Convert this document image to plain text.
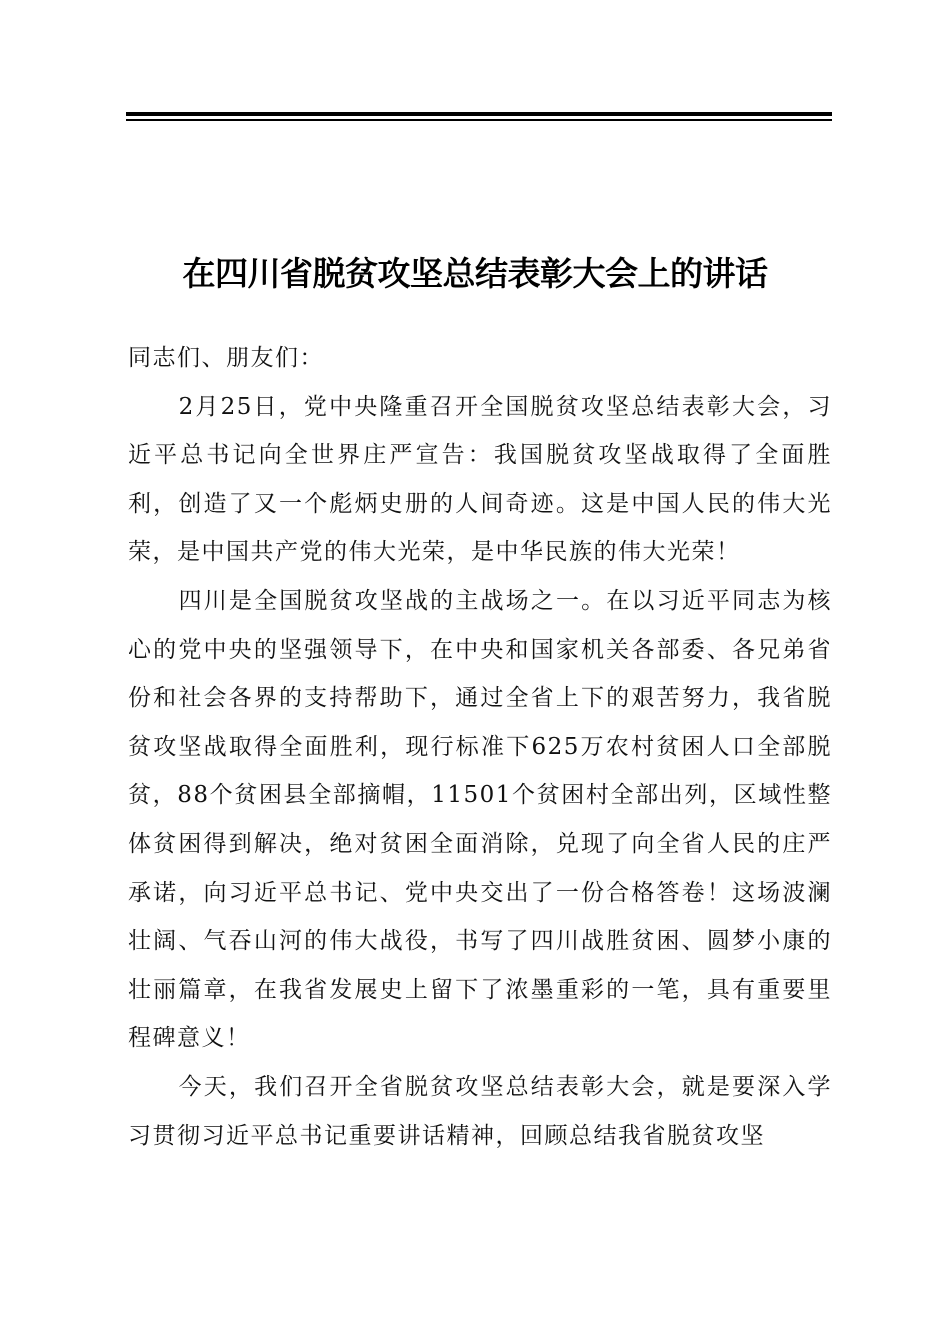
在四川省脱贫攻坚总结表彰大会上的讲话

同志们、朋友们：

2月25日，党中央隆重召开全国脱贫攻坚总结表彰大会，习近平总书记向全世界庄严宣告：我国脱贫攻坚战取得了全面胜利，创造了又一个彪炳史册的人间奇迹。这是中国人民的伟大光荣，是中国共产党的伟大光荣，是中华民族的伟大光荣！

四川是全国脱贫攻坚战的主战场之一。在以习近平同志为核心的党中央的坚强领导下，在中央和国家机关各部委、各兄弟省份和社会各界的支持帮助下，通过全省上下的艰苦努力，我省脱贫攻坚战取得全面胜利，现行标准下625万农村贫困人口全部脱贫，88个贫困县全部摘帽，11501个贫困村全部出列，区域性整体贫困得到解决，绝对贫困全面消除，兑现了向全省人民的庄严承诺，向习近平总书记、党中央交出了一份合格答卷！这场波澜壮阔、气吞山河的伟大战役，书写了四川战胜贫困、圆梦小康的壮丽篇章，在我省发展史上留下了浓墨重彩的一笔，具有重要里程碑意义！

今天，我们召开全省脱贫攻坚总结表彰大会，就是要深入学习贯彻习近平总书记重要讲话精神，回顾总结我省脱贫攻坚
